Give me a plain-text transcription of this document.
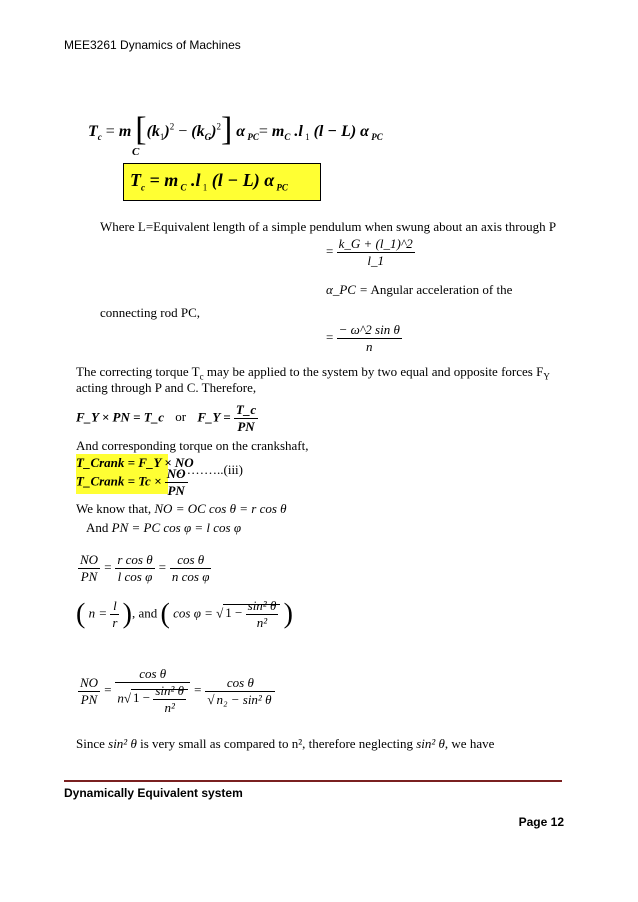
MEE3261 Dynamics of Machines
$T_c = m$ $[(k_1)^2 - (k_G)^2]$ α $_{PC}= m_C$ .l $_1$ (l − L) α $_{PC}$
C
$T_c = m$ $_C$ .l $_1$ (l − L) α $_{PC}$
Where L=Equivalent length of a simple pendulum when swung about an axis through P
= $\frac{k\_G + (l\_1)\^{}2}{l\_1}$
α_PC = Angular acceleration of the
connecting rod PC,
= $\frac{\text{− ω\textasciicircum{}2 sin θ}}{n}$
The correcting torque $T_c$ may be applied to the system by two equal and opposite forces $F_Y$
acting through P and C. Therefore,
F_Y × PN = T_c or F_Y = $\frac{T\_c}{PN}$
And corresponding torque on the crankshaft,
T_Crank = F_Y × NO
T_Crank = $Tc \times \frac{NO}{PN}$
………..(iii)
We know that, NO = OC cos θ = r cos θ
And PN = PC cos φ = l cos φ
$\frac{NO}{PN} = \frac{\text{r cos θ}}{\text{l cos φ}} = \frac{\text{cos θ}}{\text{n cos φ}}$
( $n = \frac{l}{r}$ ), and ( cos φ = √ $1 - \frac{\text{sin² θ}}{\text{n²}}$ )
$\frac{NO}{PN} = \frac{\text{cos θ}}{n√ 1 - \frac{\text{sin² θ}}{\text{n²}}} = \frac{\text{cos θ}}{\text{√ n₂ − sin² θ}}$
Since sin² θ is very small as compared to n², therefore neglecting sin² θ, we have
Dynamically Equivalent system
Page 12
